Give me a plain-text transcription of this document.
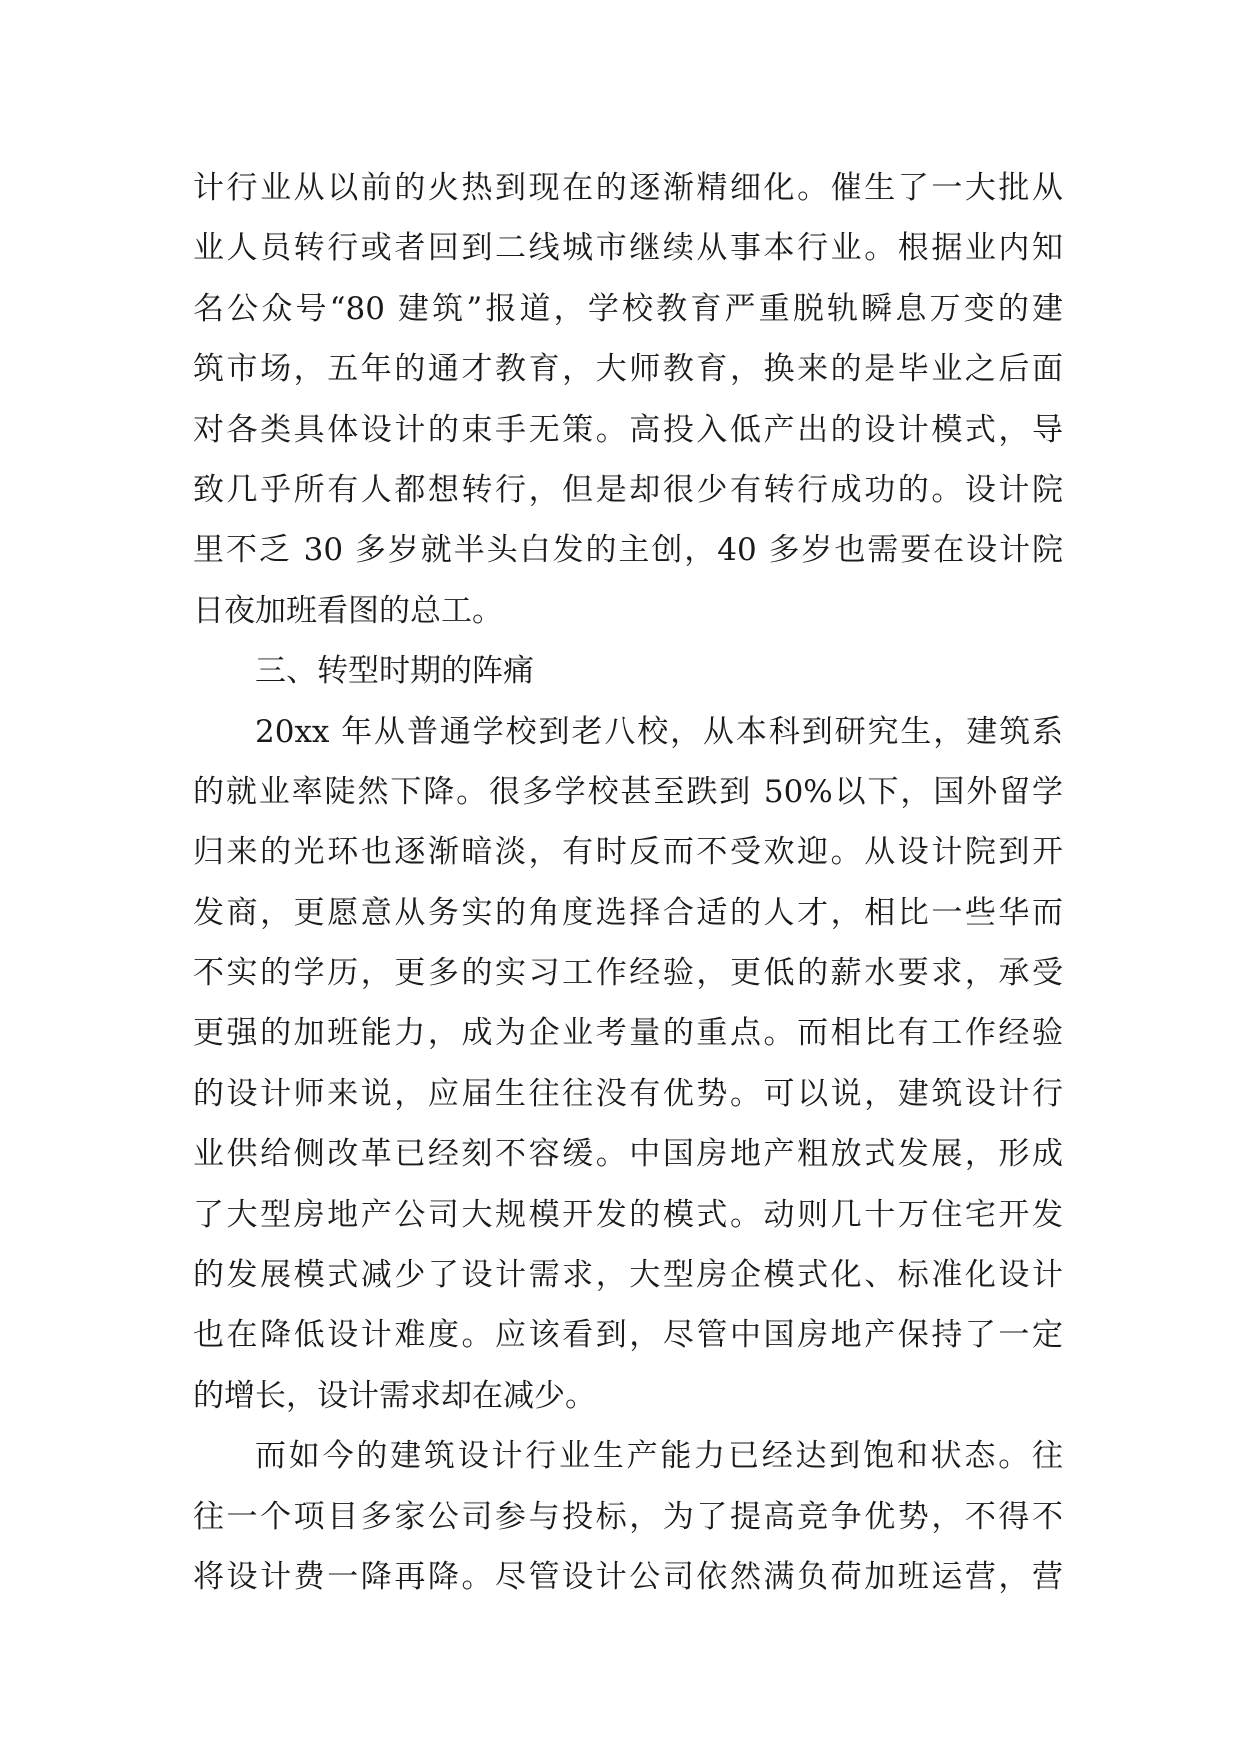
计行业从以前的火热到现在的逐渐精细化。催生了一大批从
业人员转行或者回到二线城市继续从事本行业。根据业内知
名公众号“80 建筑”报道，学校教育严重脱轨瞬息万变的建
筑市场，五年的通才教育，大师教育，换来的是毕业之后面
对各类具体设计的束手无策。高投入低产出的设计模式，导
致几乎所有人都想转行，但是却很少有转行成功的。设计院
里不乏 30 多岁就半头白发的主创，40 多岁也需要在设计院
日夜加班看图的总工。
三、转型时期的阵痛
20xx 年从普通学校到老八校，从本科到研究生，建筑系
的就业率陡然下降。很多学校甚至跌到 50%以下，国外留学
归来的光环也逐渐暗淡，有时反而不受欢迎。从设计院到开
发商，更愿意从务实的角度选择合适的人才，相比一些华而
不实的学历，更多的实习工作经验，更低的薪水要求，承受
更强的加班能力，成为企业考量的重点。而相比有工作经验
的设计师来说，应届生往往没有优势。可以说，建筑设计行
业供给侧改革已经刻不容缓。中国房地产粗放式发展，形成
了大型房地产公司大规模开发的模式。动则几十万住宅开发
的发展模式减少了设计需求，大型房企模式化、标准化设计
也在降低设计难度。应该看到，尽管中国房地产保持了一定
的增长，设计需求却在减少。
而如今的建筑设计行业生产能力已经达到饱和状态。往
往一个项目多家公司参与投标，为了提高竞争优势，不得不
将设计费一降再降。尽管设计公司依然满负荷加班运营，营
